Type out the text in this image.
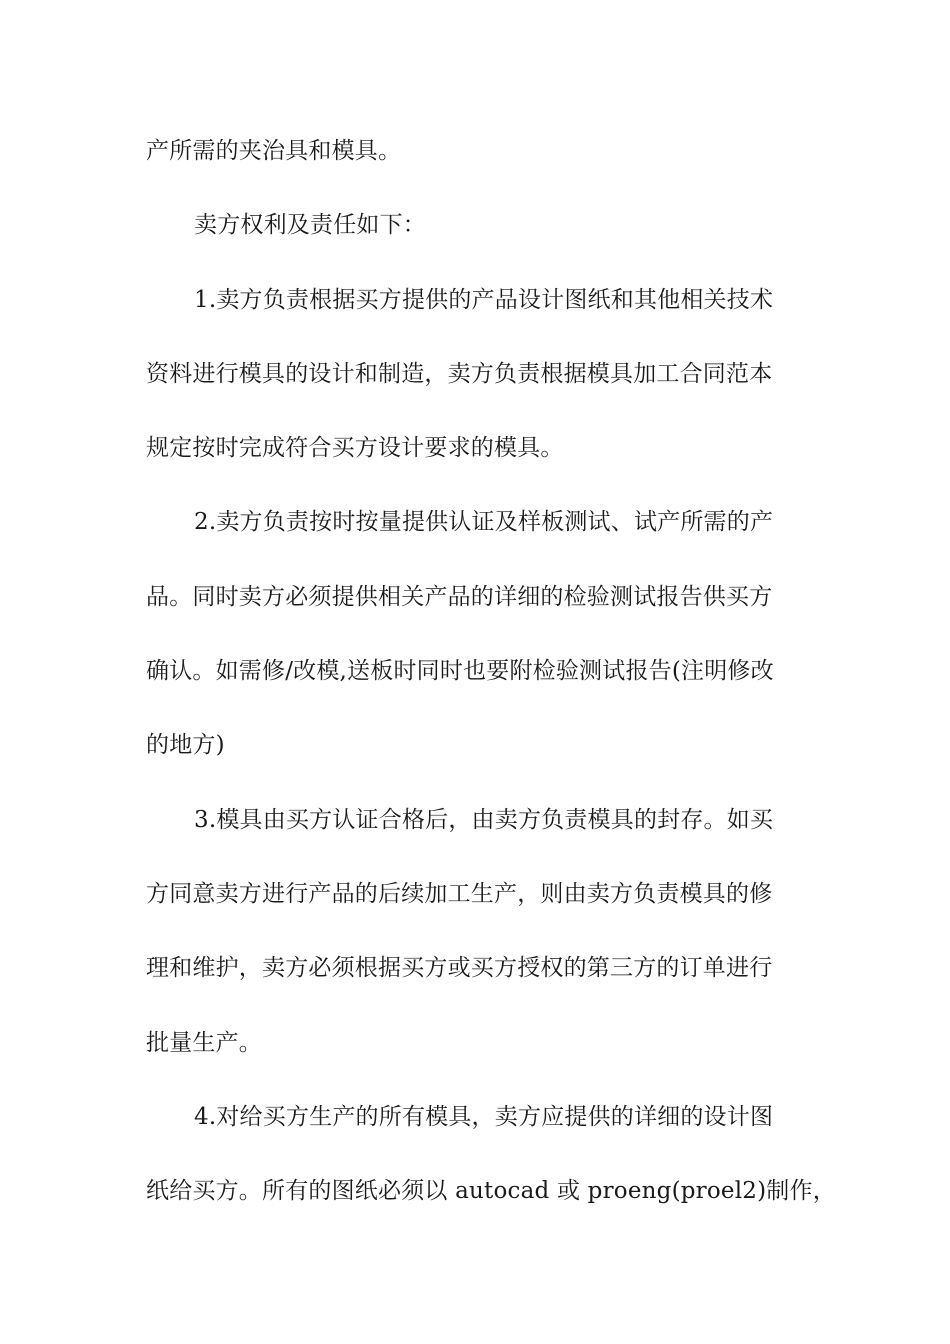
产所需的夹治具和模具。
卖方权利及责任如下：
1.卖方负责根据买方提供的产品设计图纸和其他相关技术
资料进行模具的设计和制造，卖方负责根据模具加工合同范本
规定按时完成符合买方设计要求的模具。
2.卖方负责按时按量提供认证及样板测试、试产所需的产
品。同时卖方必须提供相关产品的详细的检验测试报告供买方
确认。如需修/改模,送板时同时也要附检验测试报告(注明修改
的地方)
3.模具由买方认证合格后，由卖方负责模具的封存。如买
方同意卖方进行产品的后续加工生产，则由卖方负责模具的修
理和维护，卖方必须根据买方或买方授权的第三方的订单进行
批量生产。
4.对给买方生产的所有模具，卖方应提供的详细的设计图
纸给买方。所有的图纸必须以 autocad 或 proeng(proel2)制作，
